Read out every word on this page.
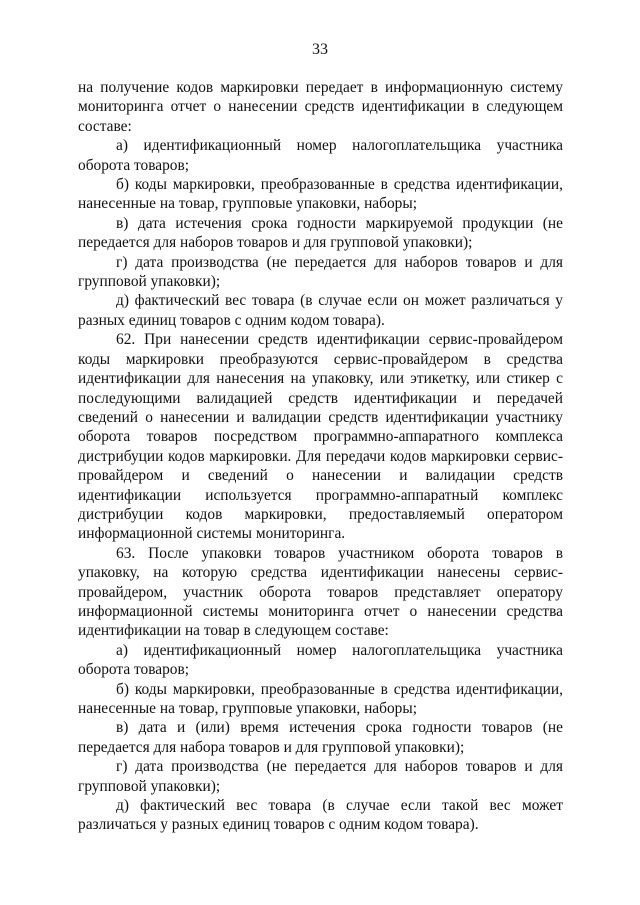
33

на получение кодов маркировки передает в информационную систему мониторинга отчет о нанесении средств идентификации в следующем составе:

а) идентификационный номер налогоплательщика участника оборота товаров;

б) коды маркировки, преобразованные в средства идентификации, нанесенные на товар, групповые упаковки, наборы;

в) дата истечения срока годности маркируемой продукции (не передается для наборов товаров и для групповой упаковки);

г) дата производства (не передается для наборов товаров и для групповой упаковки);

д) фактический вес товара (в случае если он может различаться у разных единиц товаров с одним кодом товара).

62. При нанесении средств идентификации сервис-провайдером коды маркировки преобразуются сервис-провайдером в средства идентификации для нанесения на упаковку, или этикетку, или стикер с последующими валидацией средств идентификации и передачей сведений о нанесении и валидации средств идентификации участнику оборота товаров посредством программно-аппаратного комплекса дистрибуции кодов маркировки. Для передачи кодов маркировки сервис-провайдером и сведений о нанесении и валидации средств идентификации используется программно-аппаратный комплекс дистрибуции кодов маркировки, предоставляемый оператором информационной системы мониторинга.

63. После упаковки товаров участником оборота товаров в упаковку, на которую средства идентификации нанесены сервис-провайдером, участник оборота товаров представляет оператору информационной системы мониторинга отчет о нанесении средства идентификации на товар в следующем составе:

а) идентификационный номер налогоплательщика участника оборота товаров;

б) коды маркировки, преобразованные в средства идентификации, нанесенные на товар, групповые упаковки, наборы;

в) дата и (или) время истечения срока годности товаров (не передается для набора товаров и для групповой упаковки);

г) дата производства (не передается для наборов товаров и для групповой упаковки);

д) фактический вес товара (в случае если такой вес может различаться у разных единиц товаров с одним кодом товара).
